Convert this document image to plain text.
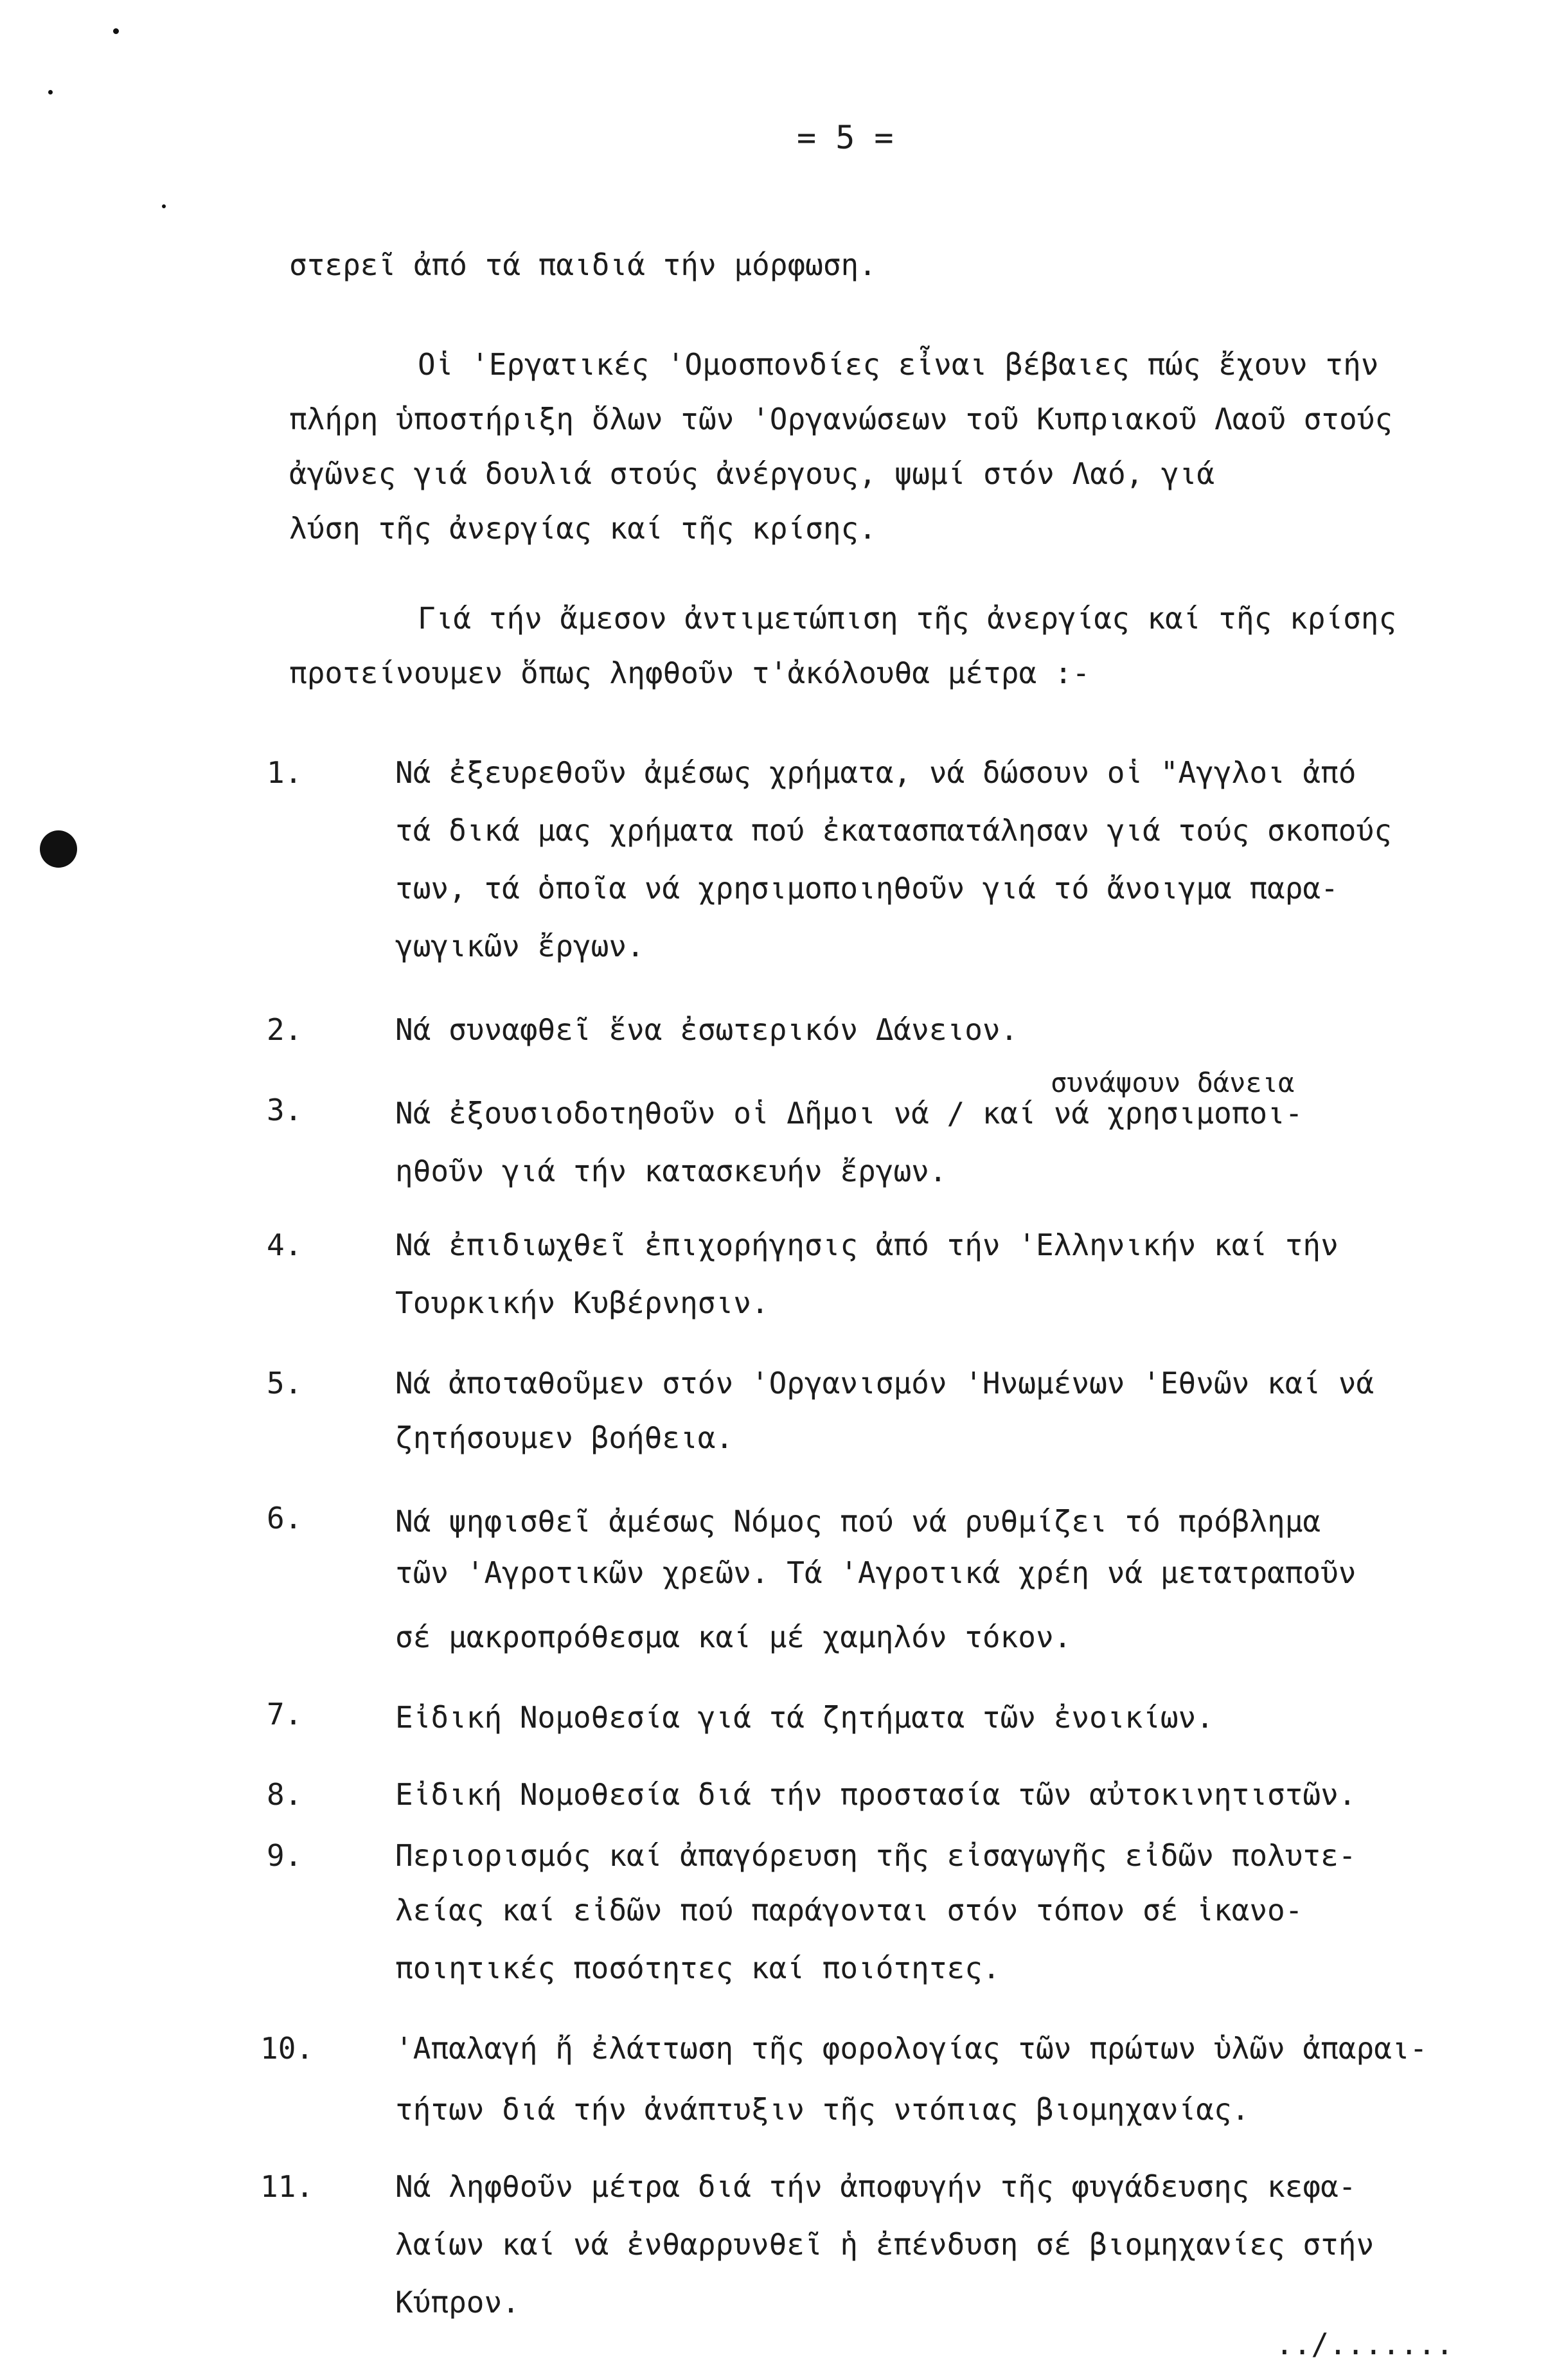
= 5 =
στερεῖ ἀπό τά παιδιά τήν μόρφωση.
Οἱ 'Εργατικές 'Ομοσπονδίες εἶναι βέβαιες πώς ἔχουν τήν
πλήρη ὑποστήριξη ὅλων τῶν 'Οργανώσεων τοῦ Κυπριακοῦ Λαοῦ στούς
ἀγῶνες γιά δουλιά στούς ἀνέργους, ψωμί στόν Λαό, γιά
λύση τῆς ἀνεργίας καί τῆς κρίσης.
Γιά τήν ἄμεσον ἀντιμετώπιση τῆς ἀνεργίας καί τῆς κρίσης
προτείνουμεν ὅπως ληφθοῦν τ'ἀκόλουθα μέτρα :-
1.	Νά ἐξευρεθοῦν ἀμέσως χρήματα, νά δώσουν οἱ "Αγγλοι ἀπό
τά δικά μας χρήματα πού ἐκατασπατάλησαν γιά τούς σκοπούς
των, τά ὁποῖα νά χρησιμοποιηθοῦν γιά τό ἄνοιγμα παρα-
γωγικῶν ἔργων.
2.	Νά συναφθεῖ ἕνα ἐσωτερικόν Δάνειον.
συνάψουν δάνεια
3.	Νά ἐξουσιοδοτηθοῦν οἱ Δῆμοι νά / καί νά χρησιμοποι-
ηθοῦν γιά τήν κατασκευήν ἔργων.
4.	Νά ἐπιδιωχθεῖ ἐπιχορήγησις ἀπό τήν 'Ελληνικήν καί τήν
Τουρκικήν Κυβέρνησιν.
5.	Νά ἀποταθοῦμεν στόν 'Οργανισμόν 'Ηνωμένων 'Εθνῶν καί νά
ζητήσουμεν βοήθεια.
6.	Νά ψηφισθεῖ ἀμέσως Νόμος πού νά ρυθμίζει τό πρόβλημα
τῶν 'Αγροτικῶν χρεῶν. Τά 'Αγροτικά χρέη νά μετατραποῦν
σέ μακροπρόθεσμα καί μέ χαμηλόν τόκον.
7.	Εἰδική Νομοθεσία γιά τά ζητήματα τῶν ἐνοικίων.
8.	Εἰδική Νομοθεσία διά τήν προστασία τῶν αὐτοκινητιστῶν.
9.	Περιορισμός καί ἀπαγόρευση τῆς εἰσαγωγῆς εἰδῶν πολυτε-
λείας καί εἰδῶν πού παράγονται στόν τόπον σέ ἱκανο-
ποιητικές ποσότητες καί ποιότητες.
10.	'Απαλαγή ἤ ἐλάττωση τῆς φορολογίας τῶν πρώτων ὑλῶν ἀπαραι-
τήτων διά τήν ἀνάπτυξιν τῆς ντόπιας βιομηχανίας.
11.	Νά ληφθοῦν μέτρα διά τήν ἀποφυγήν τῆς φυγάδευσης κεφα-
λαίων καί νά ἐνθαρρυνθεῖ ἡ ἐπένδυση σέ βιομηχανίες στήν
Κύπρον.
../.......
